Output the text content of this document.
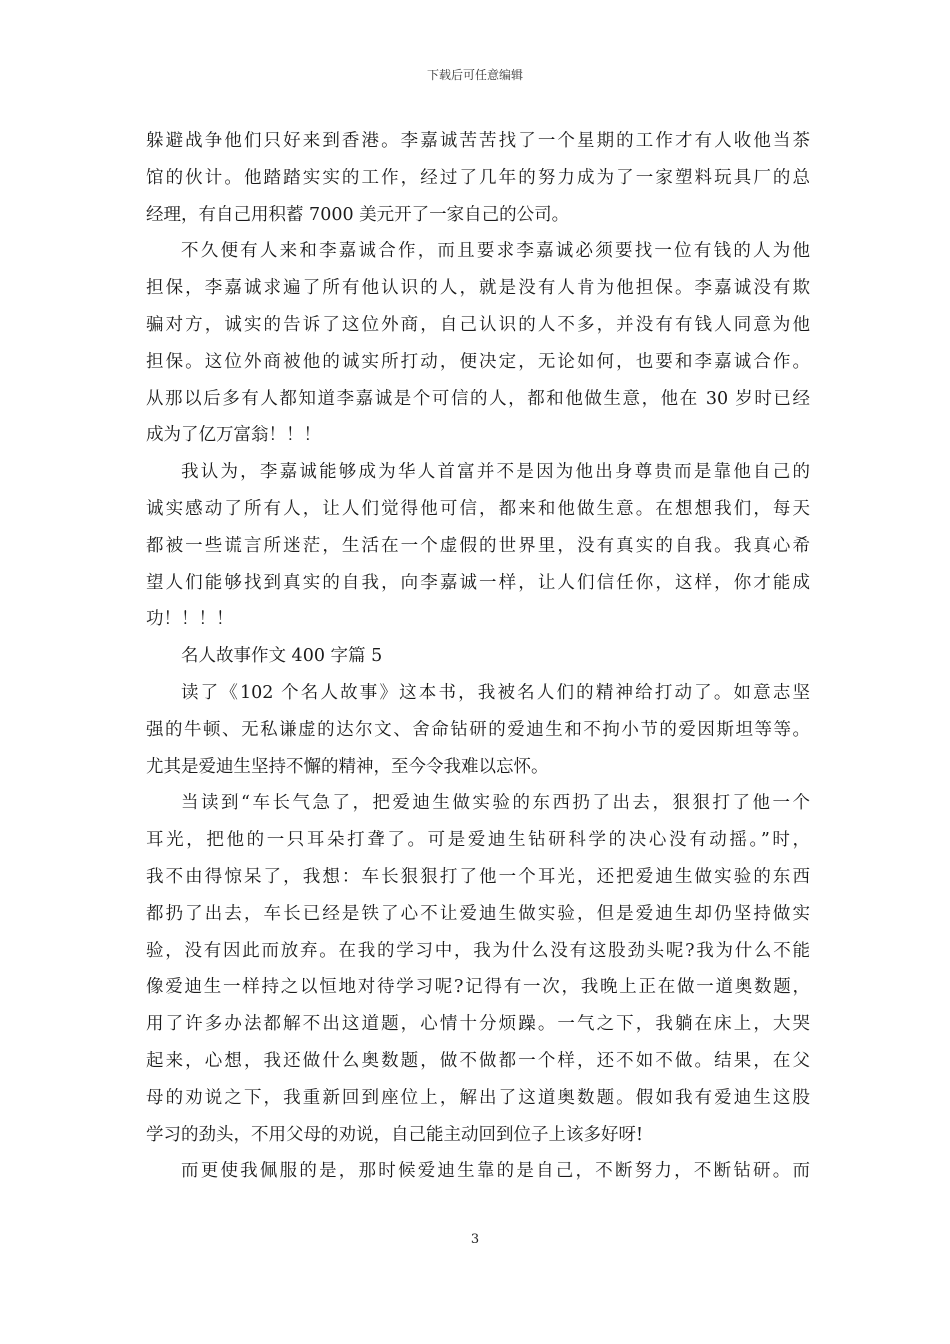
下载后可任意编辑
躲避战争他们只好来到香港。李嘉诚苦苦找了一个星期的工作才有人收他当茶
馆的伙计。他踏踏实实的工作，经过了几年的努力成为了一家塑料玩具厂的总
经理，有自己用积蓄 7000 美元开了一家自己的公司。
不久便有人来和李嘉诚合作，而且要求李嘉诚必须要找一位有钱的人为他
担保，李嘉诚求遍了所有他认识的人，就是没有人肯为他担保。李嘉诚没有欺
骗对方，诚实的告诉了这位外商，自己认识的人不多，并没有有钱人同意为他
担保。这位外商被他的诚实所打动，便决定，无论如何，也要和李嘉诚合作。
从那以后多有人都知道李嘉诚是个可信的人，都和他做生意，他在 30 岁时已经
成为了亿万富翁！！！
我认为，李嘉诚能够成为华人首富并不是因为他出身尊贵而是靠他自己的
诚实感动了所有人，让人们觉得他可信，都来和他做生意。在想想我们，每天
都被一些谎言所迷茫，生活在一个虚假的世界里，没有真实的自我。我真心希
望人们能够找到真实的自我，向李嘉诚一样，让人们信任你，这样，你才能成
功！！！！
名人故事作文 400 字篇 5
读了《102 个名人故事》这本书，我被名人们的精神给打动了。如意志坚
强的牛顿、无私谦虚的达尔文、舍命钻研的爱迪生和不拘小节的爱因斯坦等等。
尤其是爱迪生坚持不懈的精神，至今令我难以忘怀。
当读到“车长气急了，把爱迪生做实验的东西扔了出去，狠狠打了他一个
耳光，把他的一只耳朵打聋了。可是爱迪生钻研科学的决心没有动摇。”时，
我不由得惊呆了，我想：车长狠狠打了他一个耳光，还把爱迪生做实验的东西
都扔了出去，车长已经是铁了心不让爱迪生做实验，但是爱迪生却仍坚持做实
验，没有因此而放弃。在我的学习中，我为什么没有这股劲头呢?我为什么不能
像爱迪生一样持之以恒地对待学习呢?记得有一次，我晚上正在做一道奥数题，
用了许多办法都解不出这道题，心情十分烦躁。一气之下，我躺在床上，大哭
起来，心想，我还做什么奥数题，做不做都一个样，还不如不做。结果，在父
母的劝说之下，我重新回到座位上，解出了这道奥数题。假如我有爱迪生这股
学习的劲头，不用父母的劝说，自己能主动回到位子上该多好呀!
而更使我佩服的是，那时候爱迪生靠的是自己，不断努力，不断钻研。而
3
